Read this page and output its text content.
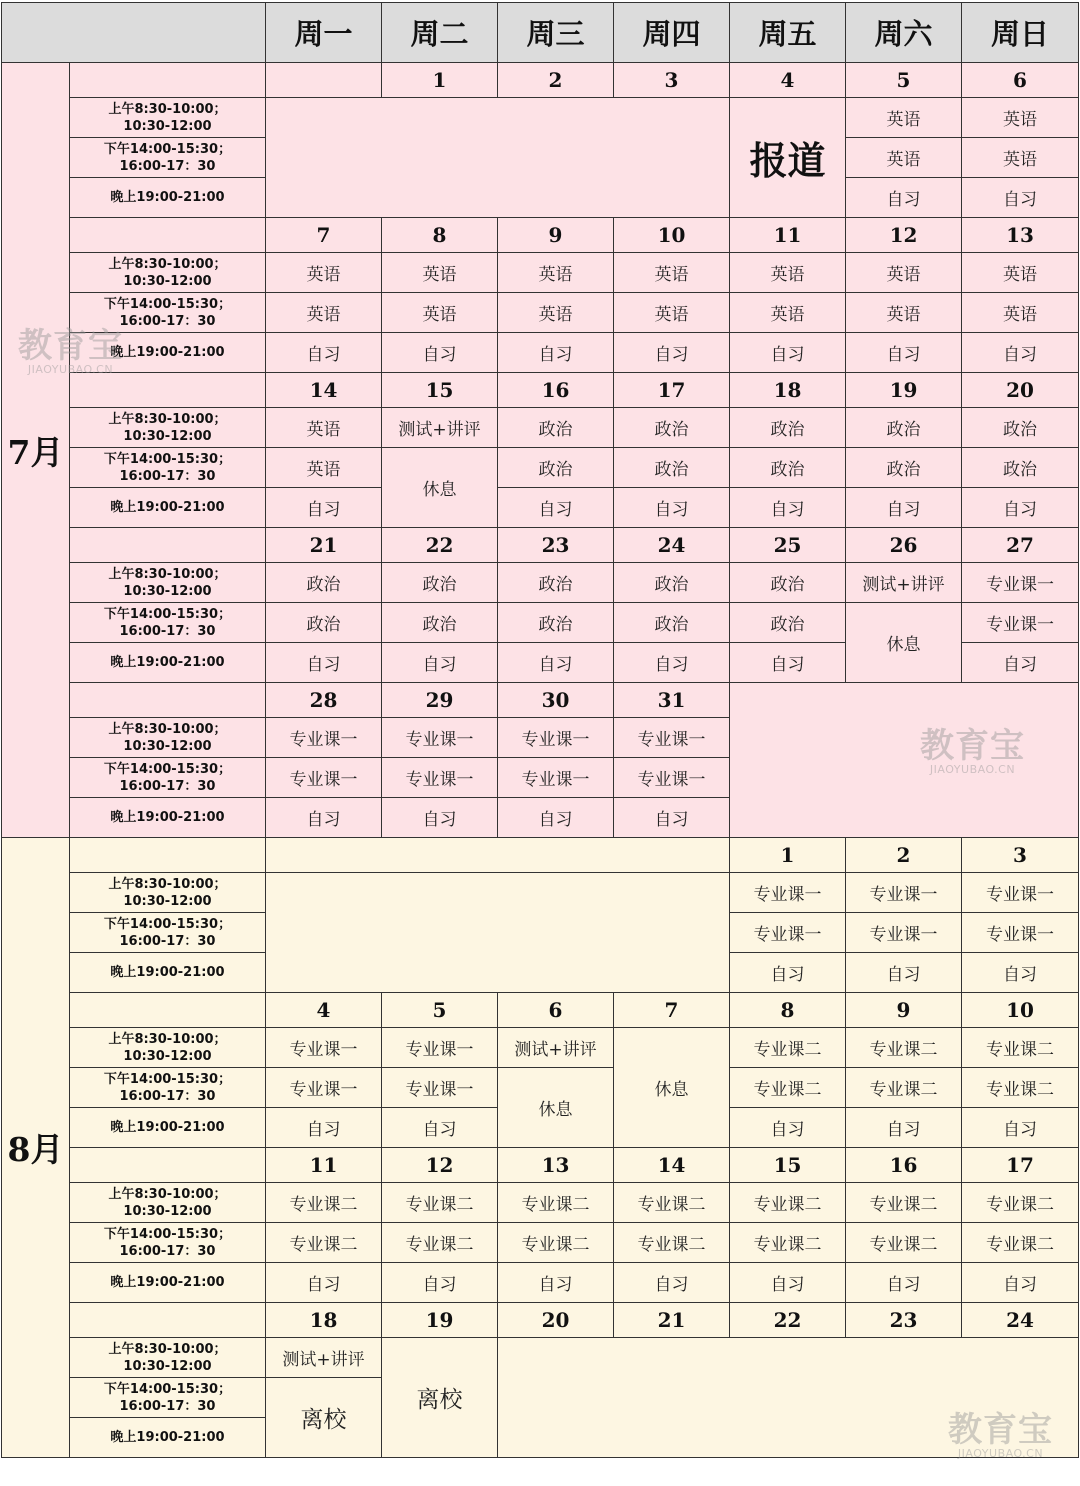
		周一	周二	周三	周四	周五	周六	周日
7月			1	2	3	4	5	6
	上午8:30-10:00；
10:30-12:00					报道	英语	英语
	下午14:00-15:30；
16:00-17：30						英语	英语
	晚上19:00-21:00						自习	自习
		7	8	9	10	11	12	13
	上午8:30-10:00；
10:30-12:00	英语	英语	英语	英语	英语	英语	英语
	下午14:00-15:30；
16:00-17：30	英语	英语	英语	英语	英语	英语	英语
	晚上19:00-21:00	自习	自习	自习	自习	自习	自习	自习
		14	15	16	17	18	19	20
	上午8:30-10:00；
10:30-12:00	英语	测试+讲评	政治	政治	政治	政治	政治
	下午14:00-15:30；
16:00-17：30	英语	休息	政治	政治	政治	政治	政治
	晚上19:00-21:00	自习		自习	自习	自习	自习	自习
		21	22	23	24	25	26	27
	上午8:30-10:00；
10:30-12:00	政治	政治	政治	政治	政治	测试+讲评	专业课一
	下午14:00-15:30；
16:00-17：30	政治	政治	政治	政治	政治	休息	专业课一
	晚上19:00-21:00	自习	自习	自习	自习	自习		自习
		28	29	30	31			
	上午8:30-10:00；
10:30-12:00	专业课一	专业课一	专业课一	专业课一			
	下午14:00-15:30；
16:00-17：30	专业课一	专业课一	专业课一	专业课一			
	晚上19:00-21:00	自习	自习	自习	自习			
8月						1	2	3
	上午8:30-10:00；
10:30-12:00					专业课一	专业课一	专业课一
	下午14:00-15:30；
16:00-17：30					专业课一	专业课一	专业课一
	晚上19:00-21:00					自习	自习	自习
		4	5	6	7	8	9	10
	上午8:30-10:00；
10:30-12:00	专业课一	专业课一	测试+讲评	休息	专业课二	专业课二	专业课二
	下午14:00-15:30；
16:00-17：30	专业课一	专业课一	休息		专业课二	专业课二	专业课二
	晚上19:00-21:00	自习	自习			自习	自习	自习
		11	12	13	14	15	16	17
	上午8:30-10:00；
10:30-12:00	专业课二	专业课二	专业课二	专业课二	专业课二	专业课二	专业课二
	下午14:00-15:30；
16:00-17：30	专业课二	专业课二	专业课二	专业课二	专业课二	专业课二	专业课二
	晚上19:00-21:00	自习	自习	自习	自习	自习	自习	自习
		18	19	20	21	22	23	24
	上午8:30-10:00；
10:30-12:00	测试+讲评	离校					
	下午14:00-15:30；
16:00-17：30	离校						
	晚上19:00-21:00							
教育宝
JIAOYUBAO.CN
教育宝
JIAOYUBAO.CN
教育宝
JIAOYUBAO.CN
